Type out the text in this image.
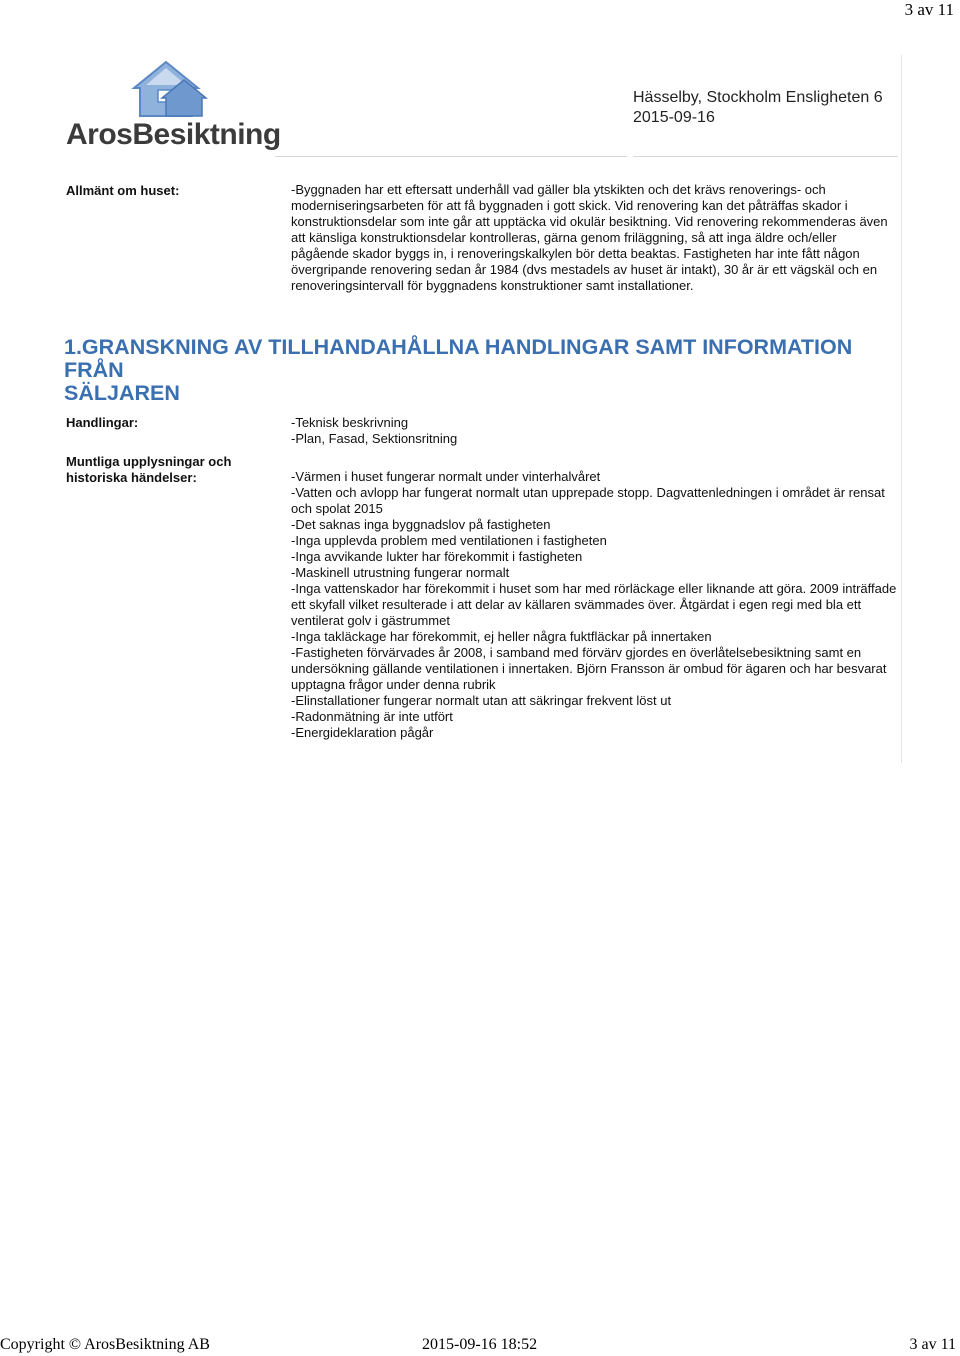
3 av 11
ArosBesiktning
Hässelby, Stockholm Ensligheten 6
2015-09-16
Allmänt om huset:	-Byggnaden har ett eftersatt underhåll vad gäller bla ytskikten och det krävs renoverings- och
moderniseringsarbeten för att få byggnaden i gott skick. Vid renovering kan det påträffas skador i
konstruktionsdelar som inte går att upptäcka vid okulär besiktning. Vid renovering rekommenderas även
att känsliga konstruktionsdelar kontrolleras, gärna genom friläggning, så att inga äldre och/eller
pågående skador byggs in, i renoveringskalkylen bör detta beaktas. Fastigheten har inte fått någon
övergripande renovering sedan år 1984 (dvs mestadels av huset är intakt), 30 år är ett vägskäl och en
renoveringsintervall för byggnadens konstruktioner samt installationer.
1.GRANSKNING AV TILLHANDAHÅLLNA HANDLINGAR SAMT INFORMATION FRÅN
SÄLJAREN
Handlingar:	-Teknisk beskrivning
-Plan, Fasad, Sektionsritning
Muntliga upplysningar och
historiska händelser:	-Värmen i huset fungerar normalt under vinterhalvåret
-Vatten och avlopp har fungerat normalt utan upprepade stopp. Dagvattenledningen i området är rensat
och spolat 2015
-Det saknas inga byggnadslov på fastigheten
-Inga upplevda problem med ventilationen i fastigheten
-Inga avvikande lukter har förekommit i fastigheten
-Maskinell utrustning fungerar normalt
-Inga vattenskador har förekommit i huset som har med rörläckage eller liknande att göra. 2009 inträffade
ett skyfall vilket resulterade i att delar av källaren svämmades över. Åtgärdat i egen regi med bla ett
ventilerat golv i gästrummet
-Inga takläckage har förekommit, ej heller några fuktfläckar på innertaken
-Fastigheten förvärvades år 2008, i samband med förvärv gjordes en överlåtelsebesiktning samt en
undersökning gällande ventilationen i innertaken. Björn Fransson är ombud för ägaren och har besvarat
upptagna frågor under denna rubrik
-Elinstallationer fungerar normalt utan att säkringar frekvent löst ut
-Radonmätning är inte utfört
-Energideklaration pågår
Copyright © ArosBesiktning AB	2015-09-16 18:52	3 av 11
